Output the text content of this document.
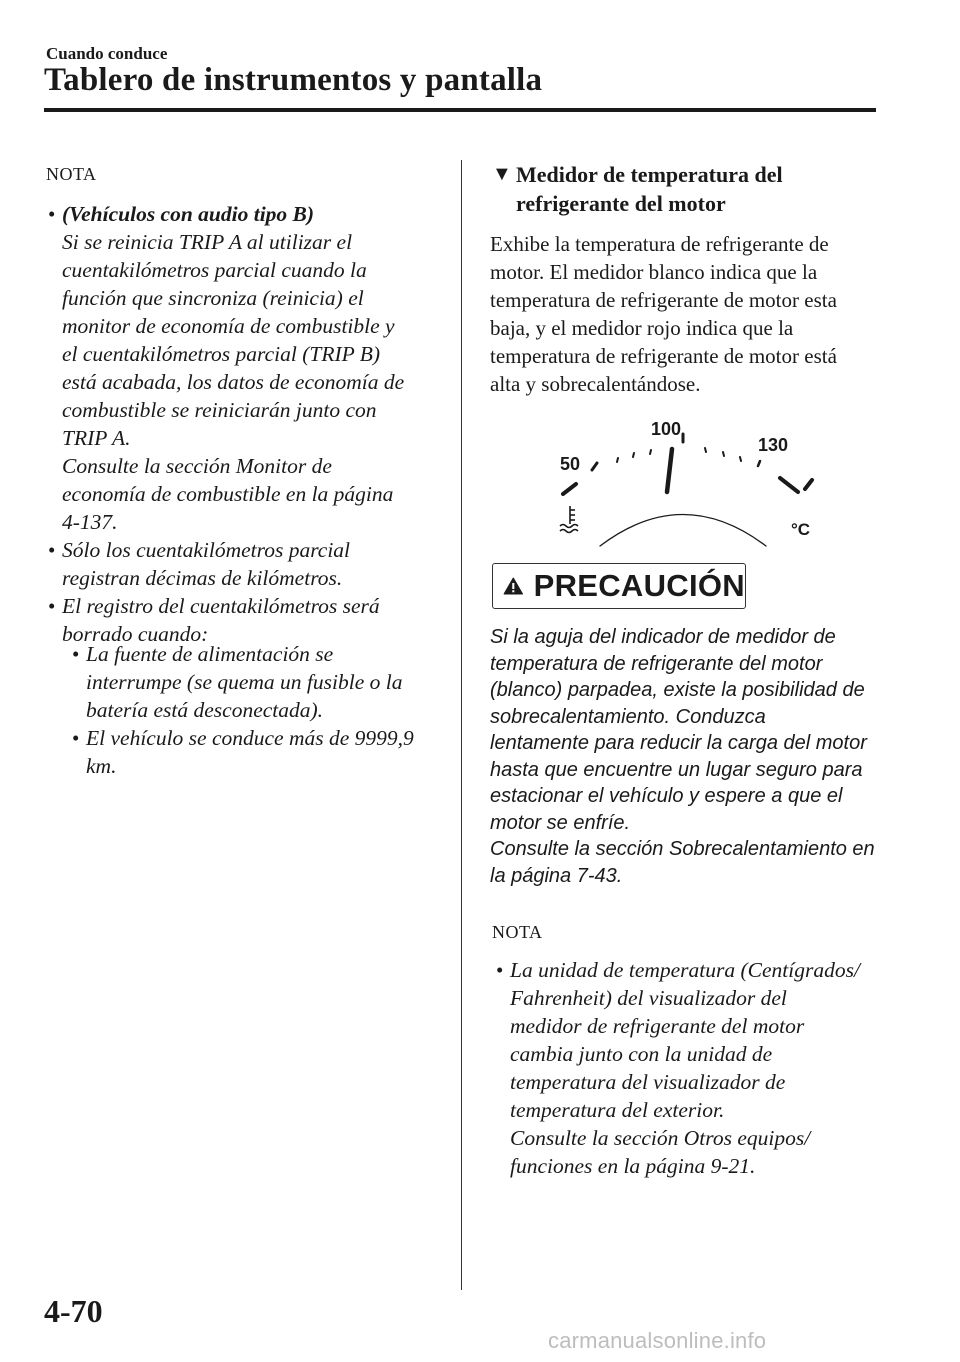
Cuando conduce
Tablero de instrumentos y pantalla
NOTA
• (Vehículos con audio tipo B)
Si se reinicia TRIP A al utilizar el
cuentakilómetros parcial cuando la
función que sincroniza (reinicia) el
monitor de economía de combustible y
el cuentakilómetros parcial (TRIP B)
está acabada, los datos de economía de
combustible se reiniciarán junto con
TRIP A.
Consulte la sección Monitor de
economía de combustible en la página
4-137.
• Sólo los cuentakilómetros parcial
registran décimas de kilómetros.
• El registro del cuentakilómetros será
borrado cuando:
• La fuente de alimentación se
interrumpe (se quema un fusible o la
batería está desconectada).
• El vehículo se conduce más de 9999,9
km.
▼ Medidor de temperatura del
refrigerante del motor
Exhibe la temperatura de refrigerante de
motor. El medidor blanco indica que la
temperatura de refrigerante de motor esta
baja, y el medidor rojo indica que la
temperatura de refrigerante de motor está
alta y sobrecalentándose.
50
100
130
°C
PRECAUCIÓN
Si la aguja del indicador de medidor de
temperatura de refrigerante del motor
(blanco) parpadea, existe la posibilidad de
sobrecalentamiento. Conduzca
lentamente para reducir la carga del motor
hasta que encuentre un lugar seguro para
estacionar el vehículo y espere a que el
motor se enfríe.
Consulte la sección Sobrecalentamiento en
la página 7-43.
NOTA
• La unidad de temperatura (Centígrados/
Fahrenheit) del visualizador del
medidor de refrigerante del motor
cambia junto con la unidad de
temperatura del visualizador de
temperatura del exterior.
Consulte la sección Otros equipos/
funciones en la página 9-21.
4-70
carmanualsonline.info
